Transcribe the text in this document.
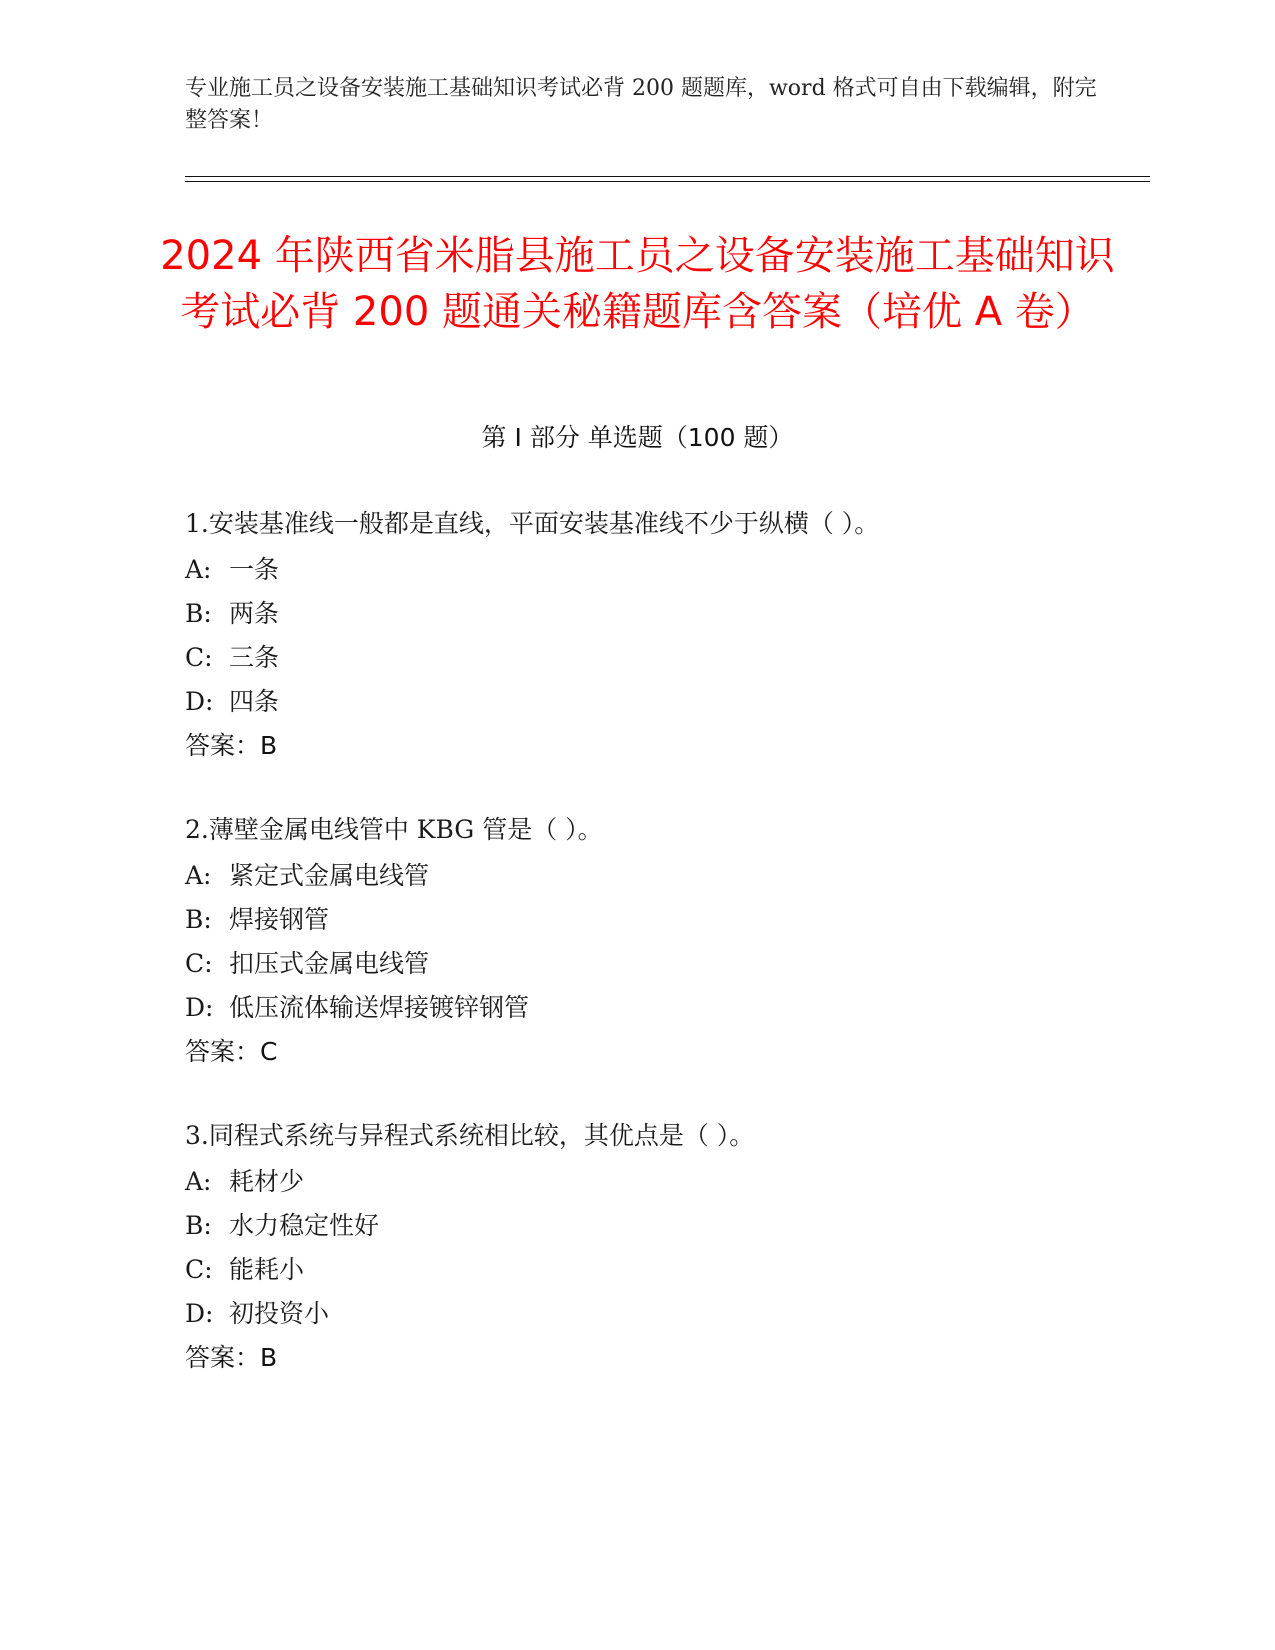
专业施工员之设备安装施工基础知识考试必背 200 题题库，word 格式可自由下载编辑，附完整答案！
2024 年陕西省米脂县施工员之设备安装施工基础知识考试必背 200 题通关秘籍题库含答案（培优 A 卷）
第 I 部分 单选题（100 题）
1.安装基准线一般都是直线，平面安装基准线不少于纵横（ ）。
A: 一条
B: 两条
C: 三条
D: 四条
答案：B
2.薄壁金属电线管中 KBG 管是（ ）。
A: 紧定式金属电线管
B: 焊接钢管
C: 扣压式金属电线管
D: 低压流体输送焊接镀锌钢管
答案：C
3.同程式系统与异程式系统相比较，其优点是（ ）。
A: 耗材少
B: 水力稳定性好
C: 能耗小
D: 初投资小
答案：B
